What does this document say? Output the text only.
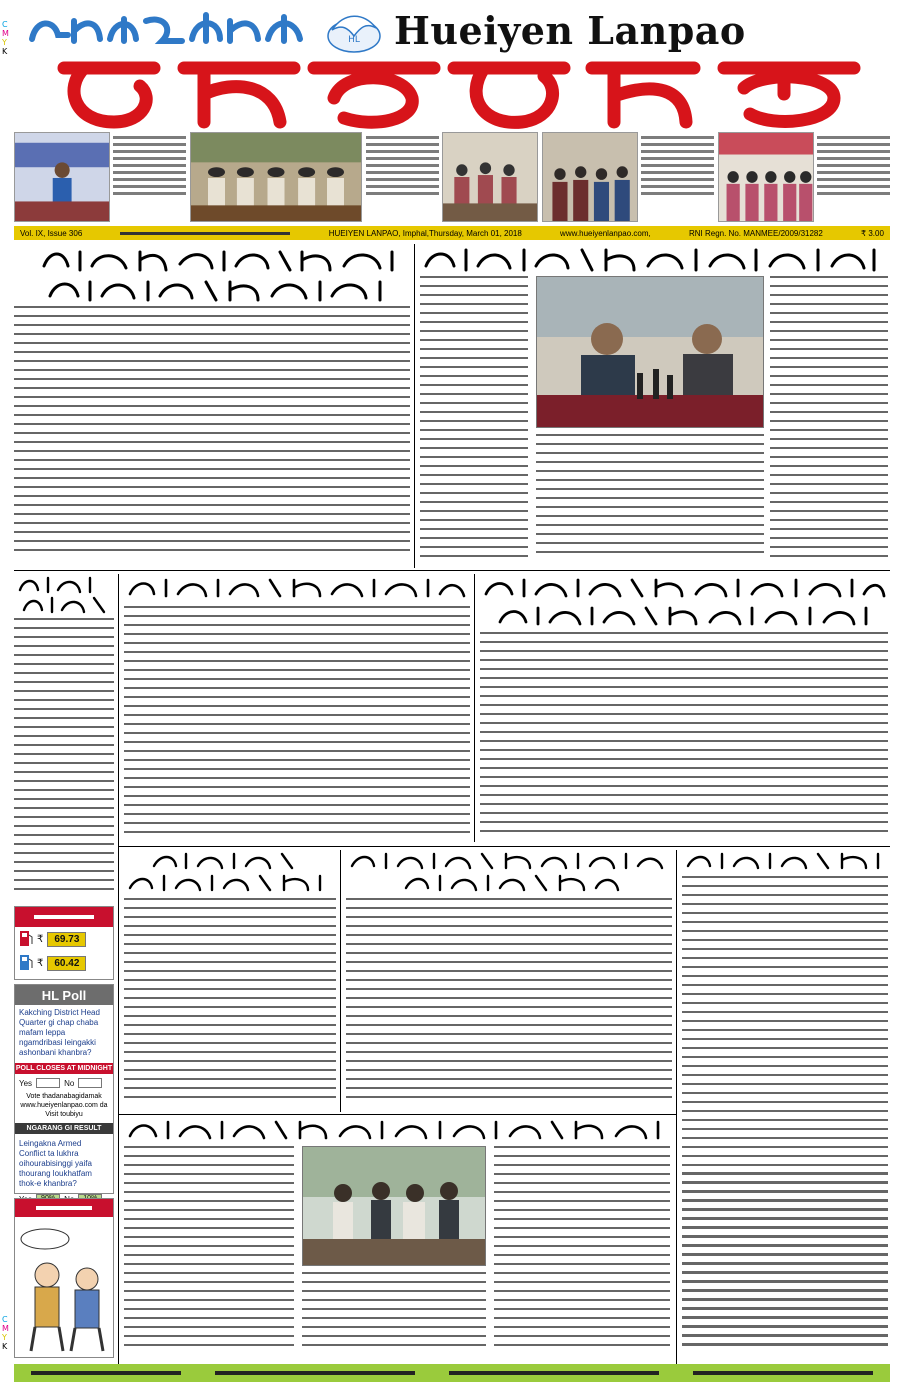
C
M
Y
K
C
M
Y
K
HL Hueiyen Lanpao
Vol. IX, Issue 306	HUEIYEN LANPAO, Imphal,Thursday, March 01, 2018	www.hueiyenlanpao.com,	RNI Regn. No. MANMEE/2009/31282	₹ 3.00
₹	69.73
₹	60.42
HL Poll
Kakching District Head Quarter gi chap chaba mafam leppa ngamdribasi leingakki ashonbani khanbra?
POLL CLOSES AT MIDNIGHT
Yes	No
Vote thadanabagidamak www.hueiyenlanpao.com da Visit toubiyu
NGARANG GI RESULT
Leingakna Armed Conflict ta lukhra oihourabisinggi yaifa thourang loukhatfam thok-e khanbra?
